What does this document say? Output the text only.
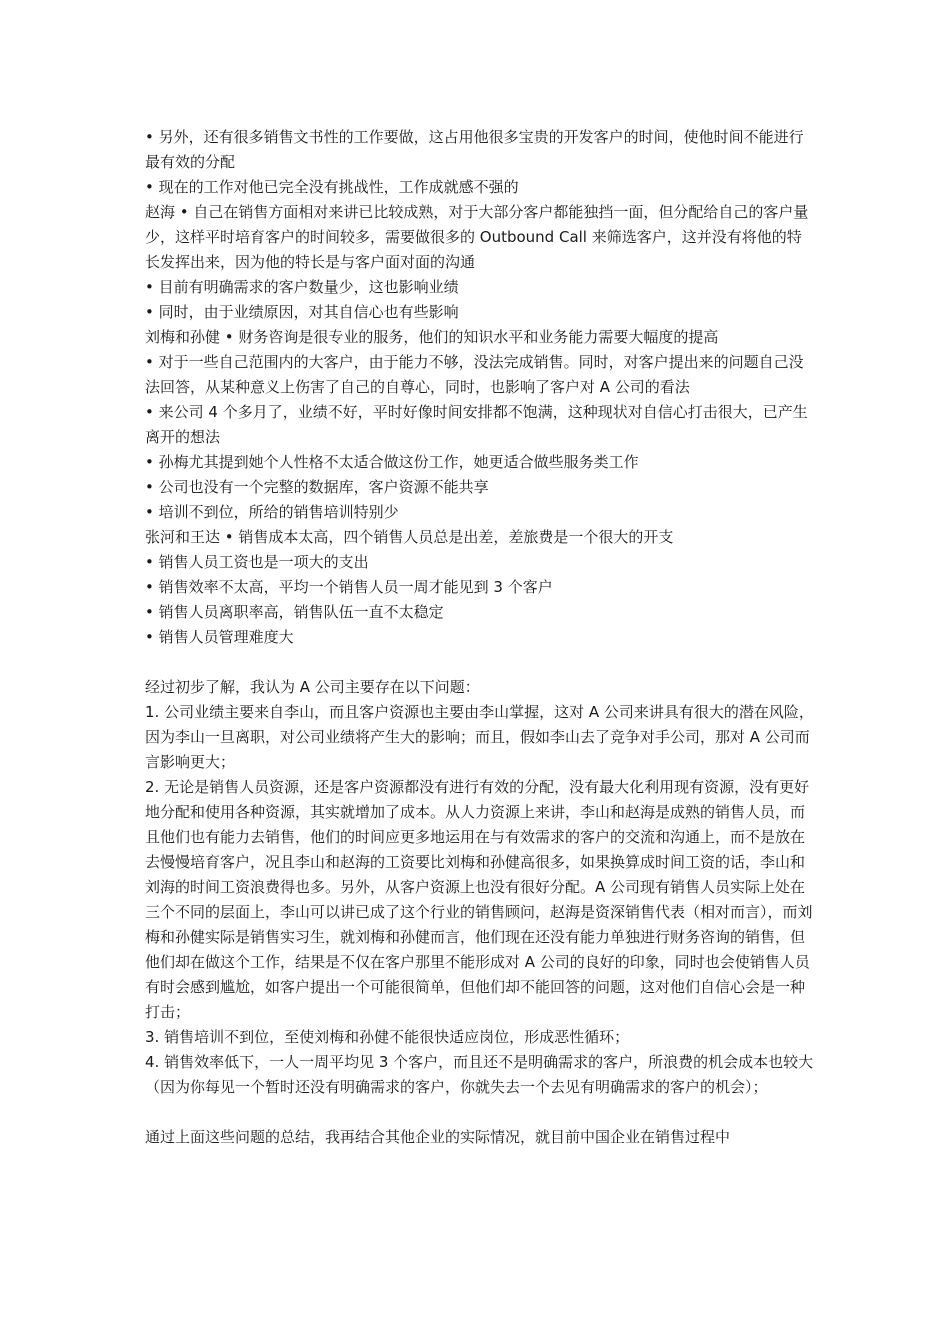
• 另外，还有很多销售文书性的工作要做，这占用他很多宝贵的开发客户的时间，使他时间不能进行最有效的分配

• 现在的工作对他已完全没有挑战性，工作成就感不强的

赵海 • 自己在销售方面相对来讲已比较成熟，对于大部分客户都能独挡一面，但分配给自己的客户量少，这样平时培育客户的时间较多，需要做很多的 Outbound Call 来筛选客户，这并没有将他的特长发挥出来，因为他的特长是与客户面对面的沟通

• 目前有明确需求的客户数量少，这也影响业绩

• 同时，由于业绩原因，对其自信心也有些影响

刘梅和孙健 • 财务咨询是很专业的服务，他们的知识水平和业务能力需要大幅度的提高

• 对于一些自己范围内的大客户，由于能力不够，没法完成销售。同时，对客户提出来的问题自己没法回答，从某种意义上伤害了自己的自尊心，同时，也影响了客户对 A 公司的看法

• 来公司 4 个多月了，业绩不好，平时好像时间安排都不饱满，这种现状对自信心打击很大，已产生离开的想法

• 孙梅尤其提到她个人性格不太适合做这份工作，她更适合做些服务类工作

• 公司也没有一个完整的数据库，客户资源不能共享

• 培训不到位，所给的销售培训特别少

张河和王达 • 销售成本太高，四个销售人员总是出差，差旅费是一个很大的开支

• 销售人员工资也是一项大的支出

• 销售效率不太高，平均一个销售人员一周才能见到 3 个客户

• 销售人员离职率高，销售队伍一直不太稳定

• 销售人员管理难度大

经过初步了解，我认为 A 公司主要存在以下问题：

1. 公司业绩主要来自李山，而且客户资源也主要由李山掌握，这对 A 公司来讲具有很大的潜在风险，因为李山一旦离职，对公司业绩将产生大的影响；而且，假如李山去了竞争对手公司，那对 A 公司而言影响更大；

2. 无论是销售人员资源，还是客户资源都没有进行有效的分配，没有最大化利用现有资源，没有更好地分配和使用各种资源，其实就增加了成本。从人力资源上来讲，李山和赵海是成熟的销售人员，而且他们也有能力去销售，他们的时间应更多地运用在与有效需求的客户的交流和沟通上，而不是放在去慢慢培育客户，况且李山和赵海的工资要比刘梅和孙健高很多，如果换算成时间工资的话，李山和刘海的时间工资浪费得也多。另外，从客户资源上也没有很好分配。A 公司现有销售人员实际上处在三个不同的层面上，李山可以讲已成了这个行业的销售顾问，赵海是资深销售代表（相对而言），而刘梅和孙健实际是销售实习生，就刘梅和孙健而言，他们现在还没有能力单独进行财务咨询的销售，但他们却在做这个工作，结果是不仅在客户那里不能形成对 A 公司的良好的印象，同时也会使销售人员有时会感到尴尬，如客户提出一个可能很简单，但他们却不能回答的问题，这对他们自信心会是一种打击；

3. 销售培训不到位，至使刘梅和孙健不能很快适应岗位，形成恶性循环；

4. 销售效率低下，一人一周平均见 3 个客户，而且还不是明确需求的客户，所浪费的机会成本也较大（因为你每见一个暂时还没有明确需求的客户，你就失去一个去见有明确需求的客户的机会）；

通过上面这些问题的总结，我再结合其他企业的实际情况，就目前中国企业在销售过程中
